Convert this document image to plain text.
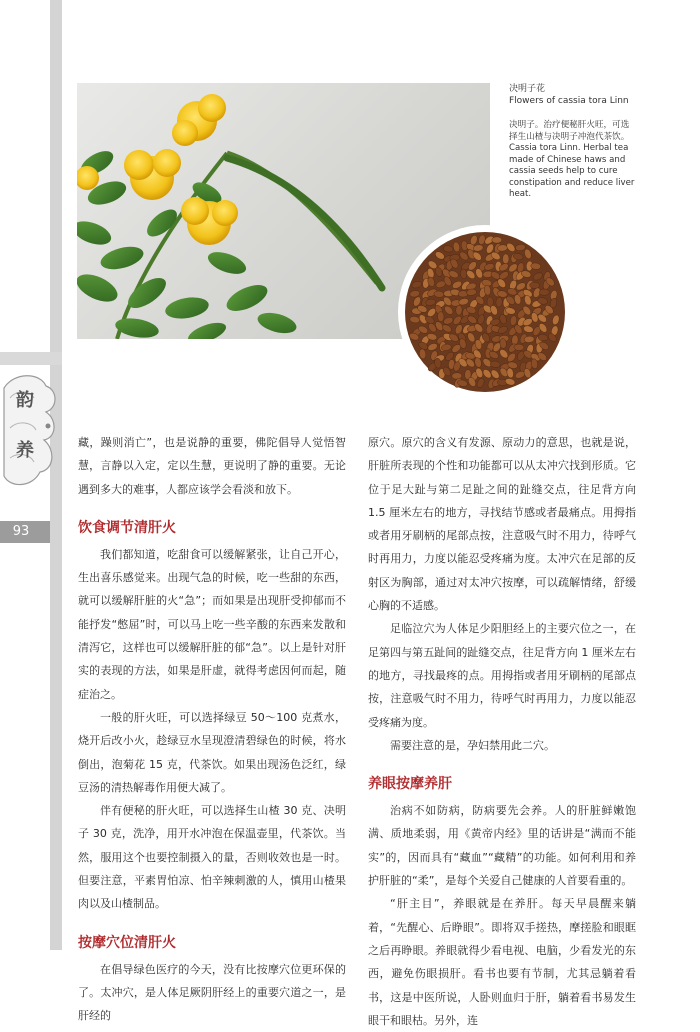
韵
养
93
决明子花
Flowers of cassia tora Linn
决明子。治疗便秘肝火旺，可选择生山楂与决明子冲泡代茶饮。
Cassia tora Linn. Herbal tea made of Chinese haws and cassia seeds help to cure constipation and reduce liver heat.

藏，躁则消亡”，也是说静的重要，佛陀倡导人觉悟智慧，言静以入定，定以生慧，更说明了静的重要。无论遇到多大的难事，人都应该学会看淡和放下。

饮食调节清肝火

我们都知道，吃甜食可以缓解紧张，让自己开心，生出喜乐感觉来。出现气急的时候，吃一些甜的东西，就可以缓解肝脏的火“急”；而如果是出现肝受抑郁而不能抒发“憋屈”时，可以马上吃一些辛酸的东西来发散和清泻它，这样也可以缓解肝脏的郁“急”。以上是针对肝实的表现的方法，如果是肝虚，就得考虑因何而起，随症治之。

一般的肝火旺，可以选择绿豆 50～100 克煮水，烧开后改小火，趁绿豆水呈现澄清碧绿色的时候，将水倒出，泡菊花 15 克，代茶饮。如果出现汤色泛红，绿豆汤的清热解毒作用便大减了。

伴有便秘的肝火旺，可以选择生山楂 30 克、决明子 30 克，洗净，用开水冲泡在保温壶里，代茶饮。当然，服用这个也要控制摄入的量，否则收效也是一时。但要注意，平素胃怕凉、怕辛辣刺激的人，慎用山楂果肉以及山楂制品。

按摩穴位清肝火

在倡导绿色医疗的今天，没有比按摩穴位更环保的了。太冲穴，是人体足厥阴肝经上的重要穴道之一，是肝经的

原穴。原穴的含义有发源、原动力的意思，也就是说，肝脏所表现的个性和功能都可以从太冲穴找到形质。它位于足大趾与第二足趾之间的趾缝交点，往足背方向 1.5 厘米左右的地方，寻找结节感或者最痛点。用拇指或者用牙刷柄的尾部点按，注意吸气时不用力，待呼气时再用力，力度以能忍受疼痛为度。太冲穴在足部的反射区为胸部，通过对太冲穴按摩，可以疏解情绪，舒缓心胸的不适感。

足临泣穴为人体足少阳胆经上的主要穴位之一，在足第四与第五趾间的趾缝交点，往足背方向 1 厘米左右的地方，寻找最疼的点。用拇指或者用牙刷柄的尾部点按，注意吸气时不用力，待呼气时再用力，力度以能忍受疼痛为度。

需要注意的是，孕妇禁用此二穴。

养眼按摩养肝

治病不如防病，防病要先会养。人的肝脏鲜嫩饱满、质地柔弱，用《黄帝内经》里的话讲是“满而不能实”的，因而具有“藏血”“藏精”的功能。如何利用和养护肝脏的“柔”，是每个关爱自己健康的人首要看重的。

“肝主目”，养眼就是在养肝。每天早晨醒来躺着，“先醒心、后睁眼”。即将双手搓热，摩搓脸和眼眶之后再睁眼。养眼就得少看电视、电脑，少看发光的东西，避免伤眼损肝。看书也要有节制，尤其忌躺着看书，这是中医所说，人卧则血归于肝，躺着看书易发生眼干和眼枯。另外，连
